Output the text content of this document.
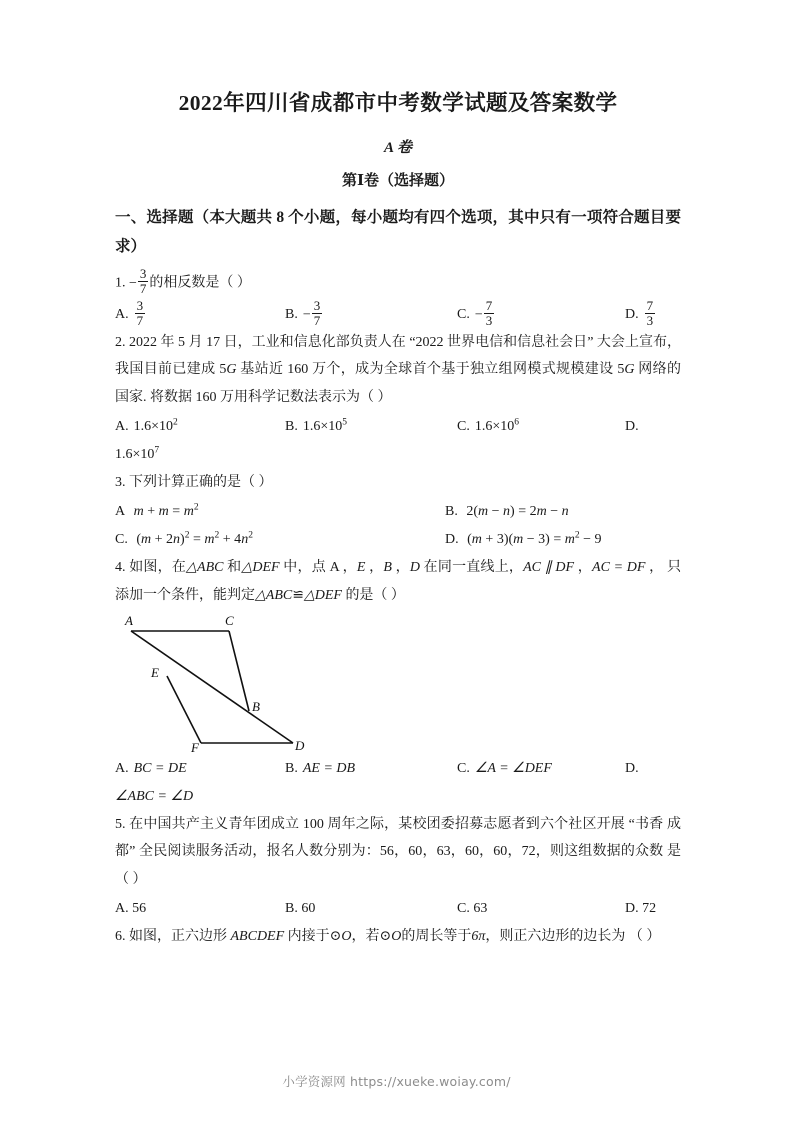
2022年四川省成都市中考数学试题及答案数学
A 卷
第Ⅰ卷（选择题）
一、选择题（本大题共 8 个小题，每小题均有四个选项，其中只有一项符合题目要求）
1. − $\frac{3}{7}$ 的相反数是（ ）
A. $\frac{3}{7}$	B. − $\frac{3}{7}$	C. − $\frac{7}{3}$	D. $\frac{7}{3}$
2. 2022 年 5 月 17 日，工业和信息化部负责人在 “2022 世界电信和信息社会日” 大会上宣布， 我国目前已建成 5G 基站近 160 万个，成为全球首个基于独立组网模式规模建设 5G 网络的 国家. 将数据 160 万用科学记数法表示为（ ）
A. $1.6\times 10^2$	B. $1.6\times 10^5$	C. $1.6\times 10^6$	D.
$1.6\times 10^7$
3. 下列计算正确的是（ ）
A $m + m = m^2$	B. 2(m − n) = 2m − n
C. $(m + 2n)^2 = m^2 + 4n^2$	D. $(m + 3)(m - 3) = m^2 - 9$
4. 如图，在△ABC 和△DEF 中，点 A ，E ，B ，D 在同一直线上，AC ∥ DF ，AC = DF ， 只添加一个条件，能判定△ABC≌△DEF 的是（ ）
A	C
E
B
F	D
A. BC = DE	B. AE = DB	C. ∠A = ∠DEF	D.
∠ABC = ∠D
5. 在中国共产主义青年团成立 100 周年之际，某校团委招募志愿者到六个社区开展 “书香 成都” 全民阅读服务活动，报名人数分别为：56，60，63，60，60，72，则这组数据的众数 是（ ）
A. 56	B. 60	C. 63	D. 72
6. 如图，正六边形 ABCDEF 内接于⊙O，若⊙O的周长等于6π，则正六边形的边长为 （ ）
小学资源网 https://xueke.woiay.com/
